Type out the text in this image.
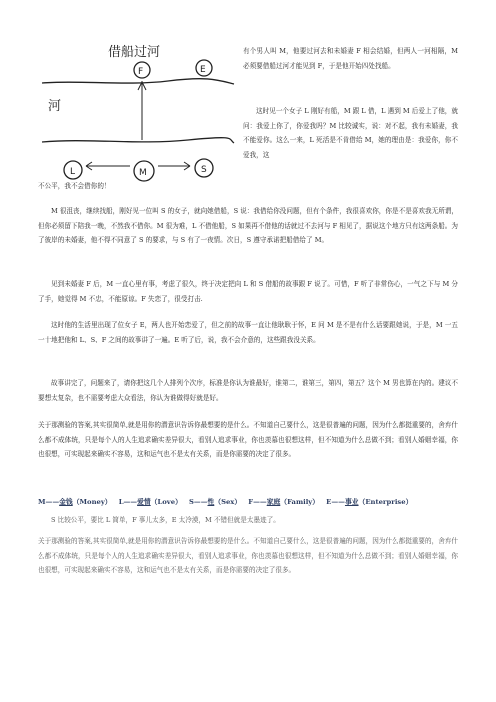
借船过河
F	E
河
L	M	S

有个男人叫 M，他要过河去和未婚妻 F 相会结婚，但两人一河相隔，M 必须要借船过河才能见到 F，于是他开始四处找船。

这时见一个女子 L 刚好有船，M 跟 L 借，L 遇到 M 后爱上了他，就问：我爱上你了，你爱我吗？M 比较诚实，说：对不起，我有未婚妻，我不能爱你。这么一来，L 死活是不肯借给 M，她的理由是：我爱你，你不爱我，这

不公平，我不会借你的！

M 很沮丧，继续找船，刚好见一位叫 S 的女子，就向她借船，S 说：我借给你没问题，但有个条件，我很喜欢你，你是不是喜欢我无所谓，但你必须留下陪我一晚，不然我不借你。M 很为难，L 不借他船，S 如果再不借他的话就过不去河与 F 相见了，据说这个地方只有这两条船。为了彼岸的未婚妻，他不得不同意了 S 的要求，与 S 有了一夜情。次日，S 遵守承诺把船借给了 M。

见到未婚妻 F 后，M 一直心里有事，考虑了很久，终于决定把向 L 和 S 借船的故事跟 F 说了。可惜，F 听了非常伤心，一气之下与 M 分了手，她觉得 M 不忠，不能原谅。F 失恋了，很受打击.

这时他的生活里出现了位女子 E，两人也开始恋爱了，但之前的故事一直让他耿耿于怀，E 问 M 是不是有什么话要跟她说，于是，M 一五一十地把他和 L、S、F 之间的故事讲了一遍。E 听了后，说，我不会介意的，这些跟我没关系。

故事讲完了，问题来了，请你把这几个人排列个次序，标准是你认为谁最好，谁第二，谁第三，第四，第五？这个 M 男也算在内的。建议不要想太复杂，也不需要考虑大众看法，你认为谁做得好就是好。

关于那测验的答案,其实很简单,就是用你的潜意识告诉你最想要的是什么。不知道自己要什么，这是很普遍的问题，因为什么都挺重要的，舍弃什么都不成体统，只是每个人的人生追求确实差异很大，看别人追求事业，你也羡慕也很想这样，但不知道为什么总做不到；看别人婚姻幸福，你也很想，可实现起来确实不容易，这和运气也不是太有关系，而是你需要的决定了很多。

M——金钱（Money） L——爱情（Love） S——性（Sex） F——家庭（Family） E——事业（Enterprise）

S 比较公平，要比 L 简单，F 事儿太多，E 太冷漠，M 不错但就是太墨迹了。

关于那测验的答案,其实很简单,就是用你的潜意识告诉你最想要的是什么。不知道自己要什么，这是很普遍的问题，因为什么都挺重要的，舍弃什么都不成体统，只是每个人的人生追求确实差异很大，看别人追求事业，你也羡慕也很想这样，但不知道为什么总做不到；看别人婚姻幸福，你也很想，可实现起来确实不容易，这和运气也不是太有关系，而是你需要的决定了很多。
